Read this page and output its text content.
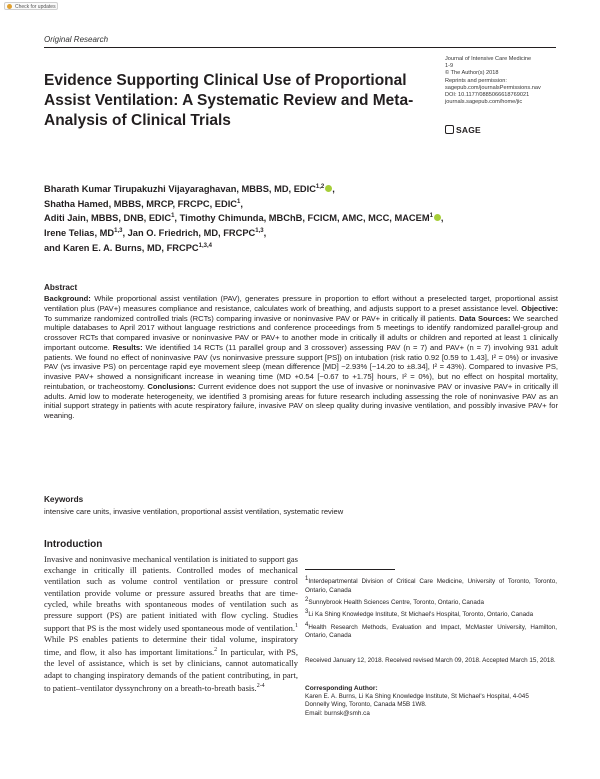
Check for updates
Original Research
Evidence Supporting Clinical Use of Proportional Assist Ventilation: A Systematic Review and Meta-Analysis of Clinical Trials
Journal of Intensive Care Medicine
1-9
© The Author(s) 2018
Reprints and permission:
sagepub.com/journalsPermissions.nav
DOI: 10.1177/0885066618769021
journals.sagepub.com/home/jic
SAGE
Bharath Kumar Tirupakuzhi Vijayaraghavan, MBBS, MD, EDIC$^{1,2}$ ,
Shatha Hamed, MBBS, MRCP, FRCPC, EDIC$^1$,
Aditi Jain, MBBS, DNB, EDIC$^1$, Timothy Chimunda, MBChB, FCICM, AMC, MCC, MACEM$^1$ ,
Irene Telias, MD$^{1,3}$, Jan O. Friedrich, MD, FRCPC$^{1,3}$,
and Karen E. A. Burns, MD, FRCPC$^{1,3,4}$
Abstract
Background: While proportional assist ventilation (PAV), generates pressure in proportion to effort without a preselected target, proportional assist ventilation plus (PAV+) measures compliance and resistance, calculates work of breathing, and adjusts support to a preset assistance level. Objective: To summarize randomized controlled trials (RCTs) comparing invasive or noninvasive PAV or PAV+ in critically ill patients. Data Sources: We searched multiple databases to April 2017 without language restrictions and conference proceedings from 5 meetings to identify randomized parallel-group and crossover RCTs that compared invasive or noninvasive PAV or PAV+ to another mode in critically ill adults or children and reported at least 1 clinically important outcome. Results: We identified 14 RCTs (11 parallel group and 3 crossover) assessing PAV (n = 7) and PAV+ (n = 7) involving 931 adult patients. We found no effect of noninvasive PAV (vs noninvasive pressure support [PS]) on intubation (risk ratio 0.92 [0.59 to 1.43], I² = 0%) or invasive PAV (vs invasive PS) on percentage rapid eye movement sleep (mean difference [MD] −2.93% [−14.20 to ±8.34], I² = 43%). Compared to invasive PS, invasive PAV+ showed a nonsignificant increase in weaning time (MD +0.54 [−0.67 to +1.75] hours, I² = 0%), but no effect on hospital mortality, reintubation, or tracheostomy. Conclusions: Current evidence does not support the use of invasive or noninvasive PAV or invasive PAV+ in critically ill adults. Amid low to moderate heterogeneity, we identified 3 promising areas for future research including assessing the role of noninvasive PAV as an initial support strategy in patients with acute respiratory failure, invasive PAV on sleep quality during invasive ventilation, and possibly invasive PAV+ for weaning.
Keywords
intensive care units, invasive ventilation, proportional assist ventilation, systematic review
Introduction
Invasive and noninvasive mechanical ventilation is initiated to support gas exchange in critically ill patients. Controlled modes of mechanical ventilation such as volume control ventilation or pressure control ventilation provide volume or pressure assured breaths that are time-cycled, while breaths with spontaneous modes of ventilation such as pressure support (PS) are patient initiated with flow cycling. Studies support that PS is the most widely used spontaneous mode of ventilation.$^1$ While PS enables patients to determine their tidal volume, inspiratory time, and flow, it also has important limitations.$^2$ In particular, with PS, the level of assistance, which is set by clinicians, cannot automatically adapt to changing inspiratory demands of the patient contributing, in part, to patient–ventilator dyssynchrony on a breath-to-breath basis.$^{2-4}$
$^1$Interdepartmental Division of Critical Care Medicine, University of Toronto, Toronto, Ontario, Canada
$^2$Sunnybrook Health Sciences Centre, Toronto, Ontario, Canada
$^3$Li Ka Shing Knowledge Institute, St Michael's Hospital, Toronto, Ontario, Canada
$^4$Health Research Methods, Evaluation and Impact, McMaster University, Hamilton, Ontario, Canada
Received January 12, 2018. Received revised March 09, 2018. Accepted March 15, 2018.
Corresponding Author:
Karen E. A. Burns, Li Ka Shing Knowledge Institute, St Michael's Hospital, 4-045
Donnelly Wing, Toronto, Canada M5B 1W8.
Email: burnsk@smh.ca
